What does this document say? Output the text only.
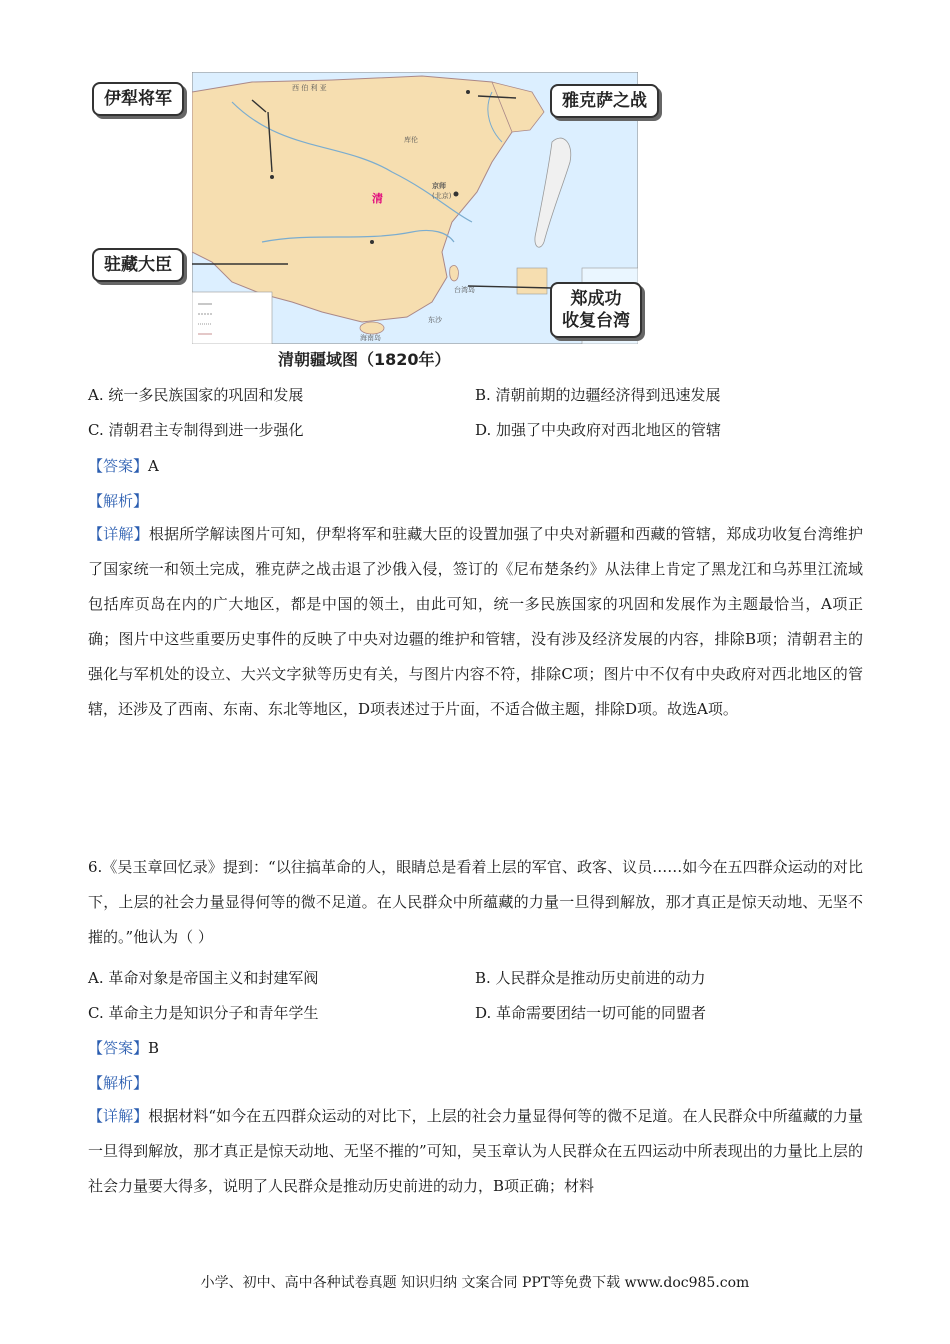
西 伯 利 亚
清
京师
(北京)
台湾岛
海南岛
库伦
东沙
伊犁将军	雅克萨之战
驻藏大臣
郑成功
收复台湾
清朝疆域图（1820年）
A. 统一多民族国家的巩固和发展	B. 清朝前期的边疆经济得到迅速发展
C. 清朝君主专制得到进一步强化	D. 加强了中央政府对西北地区的管辖
【答案】A
【解析】
【详解】根据所学解读图片可知，伊犁将军和驻藏大臣的设置加强了中央对新疆和西藏的管辖，郑成功收复台湾维护了国家统一和领土完成，雅克萨之战击退了沙俄入侵，签订的《尼布楚条约》从法律上肯定了黑龙江和乌苏里江流域包括库页岛在内的广大地区，都是中国的领土，由此可知，统一多民族国家的巩固和发展作为主题最恰当，A项正确；图片中这些重要历史事件的反映了中央对边疆的维护和管辖，没有涉及经济发展的内容，排除B项；清朝君主的强化与军机处的设立、大兴文字狱等历史有关，与图片内容不符，排除C项；图片中不仅有中央政府对西北地区的管辖，还涉及了西南、东南、东北等地区，D项表述过于片面，不适合做主题，排除D项。故选A项。
6.《吴玉章回忆录》提到：“以往搞革命的人，眼睛总是看着上层的军官、政客、议员……如今在五四群众运动的对比下，上层的社会力量显得何等的微不足道。在人民群众中所蕴藏的力量一旦得到解放，那才真正是惊天动地、无坚不摧的。”他认为（ ）
A. 革命对象是帝国主义和封建军阀	B. 人民群众是推动历史前进的动力
C. 革命主力是知识分子和青年学生	D. 革命需要团结一切可能的同盟者
【答案】B
【解析】
【详解】根据材料“如今在五四群众运动的对比下，上层的社会力量显得何等的微不足道。在人民群众中所蕴藏的力量一旦得到解放，那才真正是惊天动地、无坚不摧的”可知，吴玉章认为人民群众在五四运动中所表现出的力量比上层的社会力量要大得多，说明了人民群众是推动历史前进的动力，B项正确；材料
小学、初中、高中各种试卷真题 知识归纳 文案合同 PPT等免费下载 www.doc985.com
